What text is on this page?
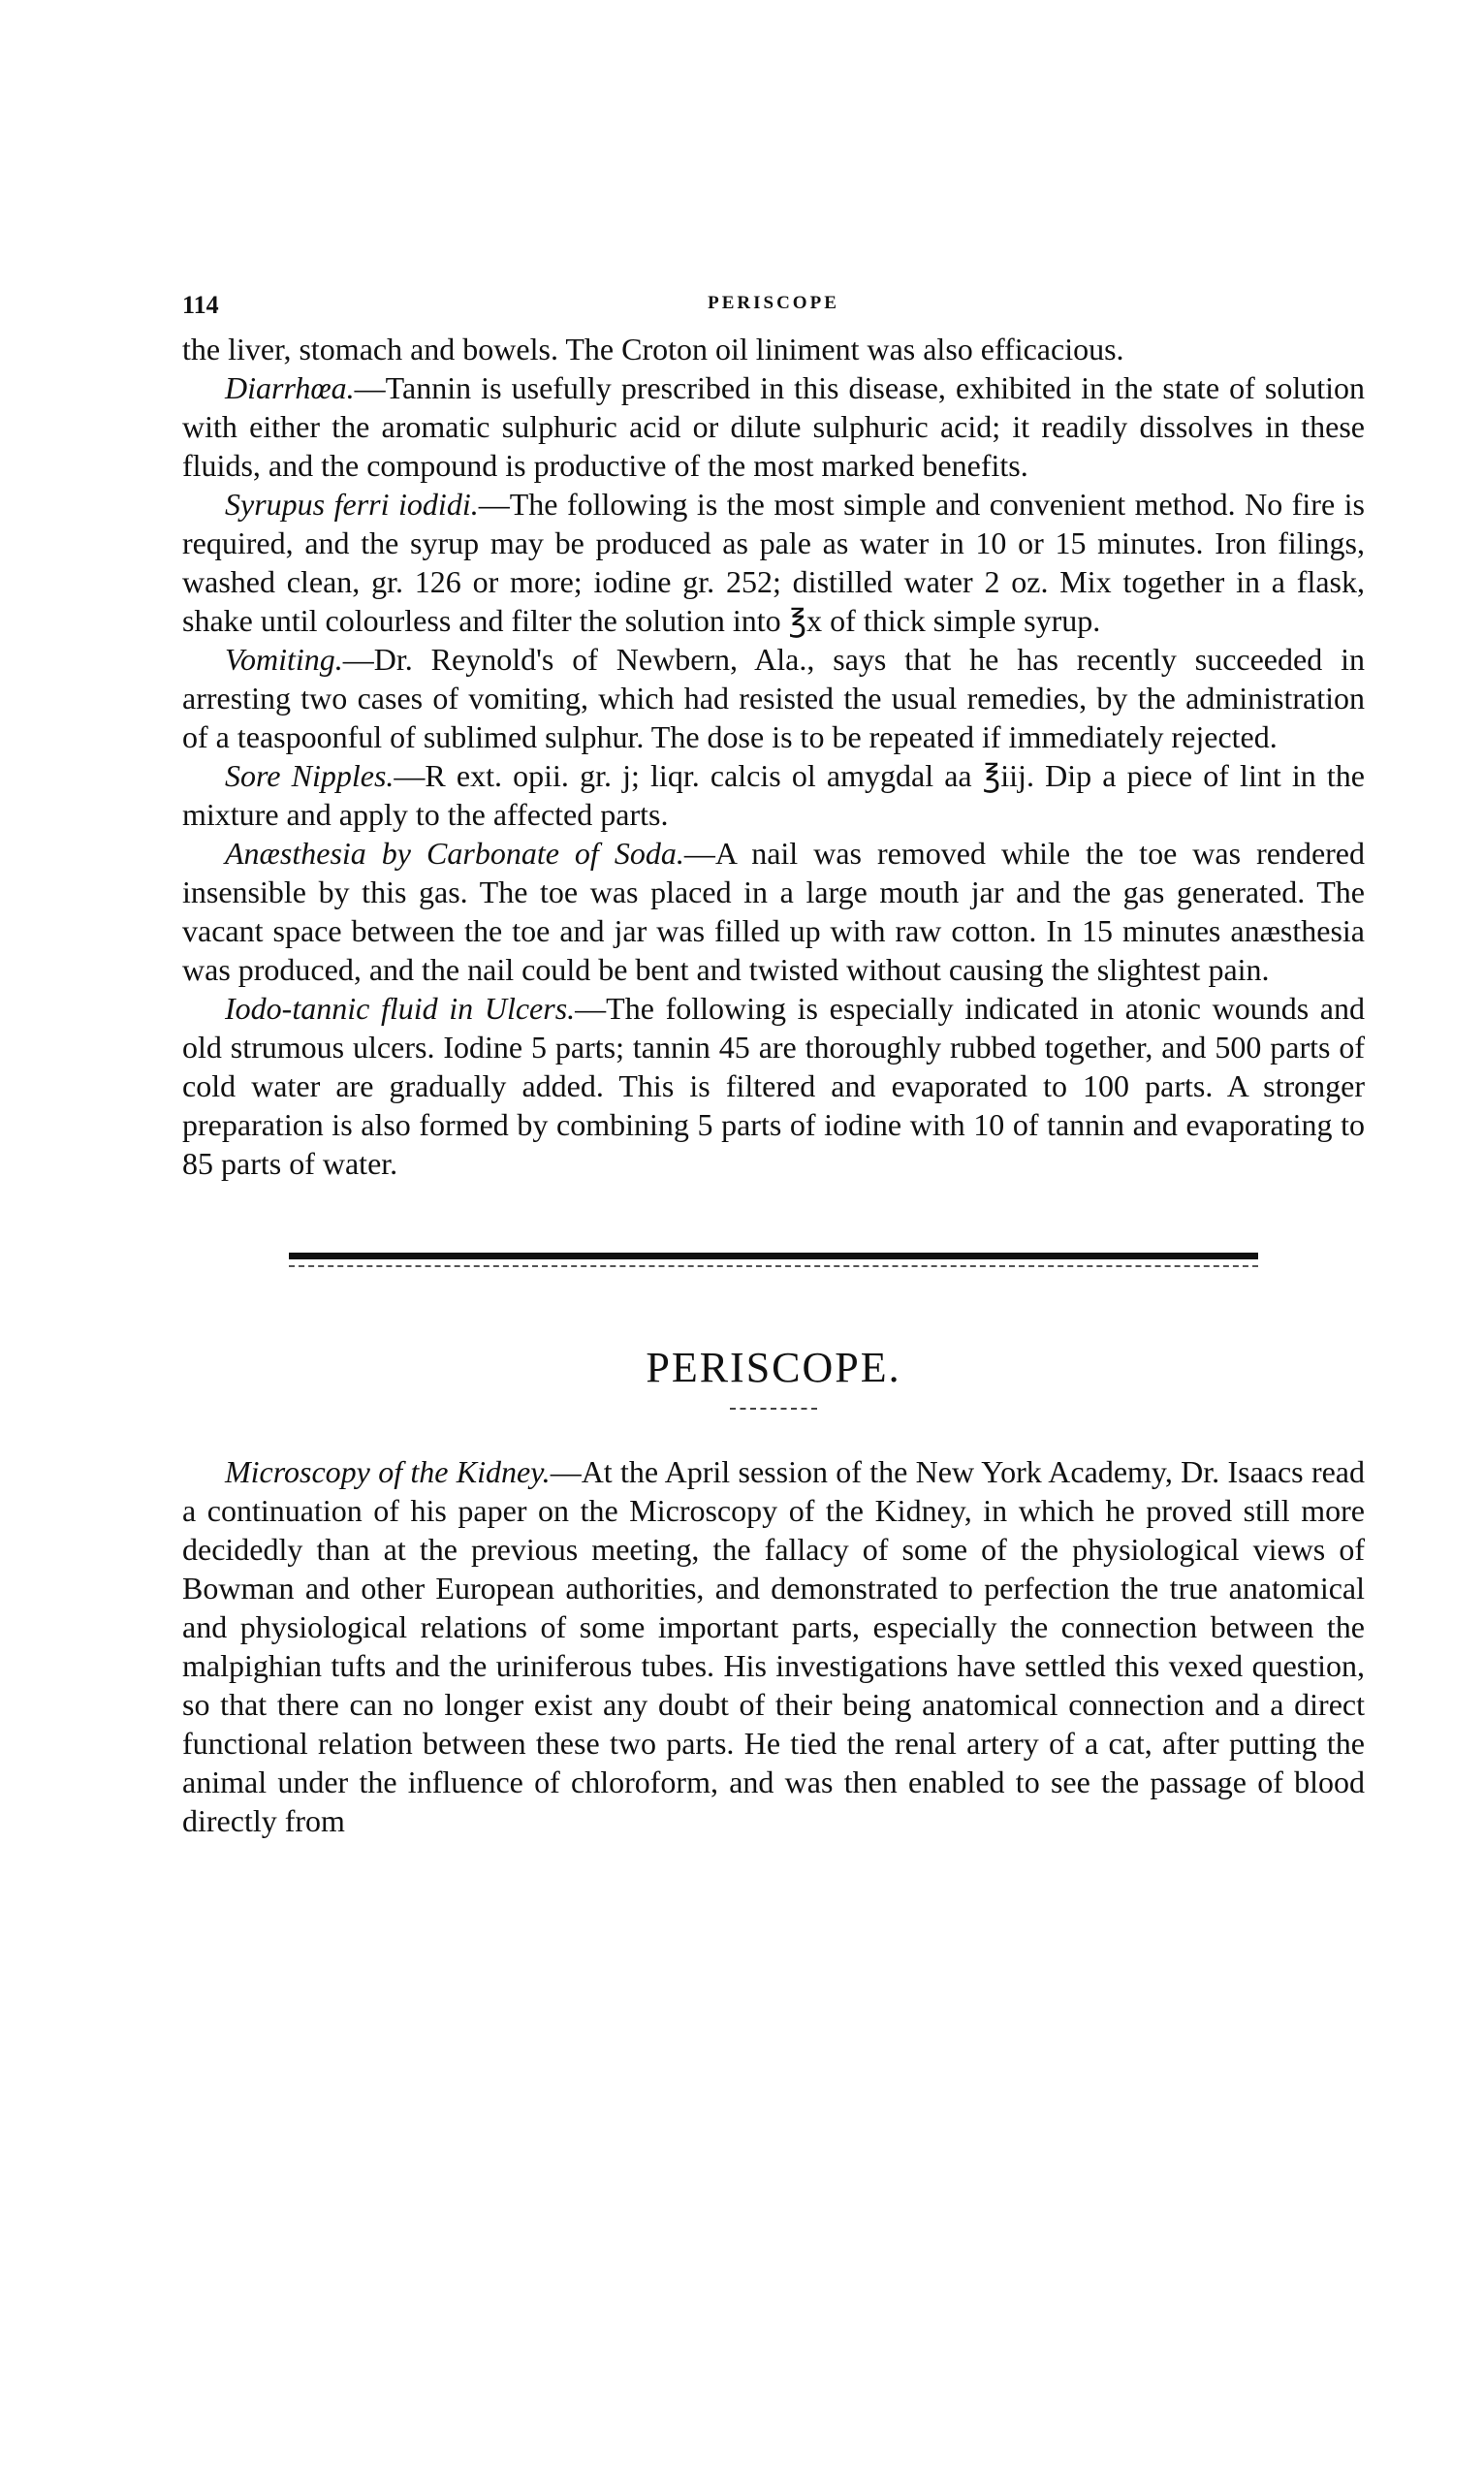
114	PERISCOPE

the liver, stomach and bowels. The Croton oil liniment was also efficacious.

Diarrhœa.—Tannin is usefully prescribed in this disease, exhibited in the state of solution with either the aromatic sulphuric acid or dilute sulphuric acid; it readily dissolves in these fluids, and the compound is productive of the most marked benefits.

Syrupus ferri iodidi.—The following is the most simple and convenient method. No fire is required, and the syrup may be produced as pale as water in 10 or 15 minutes. Iron filings, washed clean, gr. 126 or more; iodine gr. 252; distilled water 2 oz. Mix together in a flask, shake until colourless and filter the solution into ℥x of thick simple syrup.

Vomiting.—Dr. Reynold's of Newbern, Ala., says that he has recently succeeded in arresting two cases of vomiting, which had resisted the usual remedies, by the administration of a teaspoonful of sublimed sulphur. The dose is to be repeated if immediately rejected.

Sore Nipples.—R ext. opii. gr. j; liqr. calcis ol amygdal aa ℥iij. Dip a piece of lint in the mixture and apply to the affected parts.

Anæsthesia by Carbonate of Soda.—A nail was removed while the toe was rendered insensible by this gas. The toe was placed in a large mouth jar and the gas generated. The vacant space between the toe and jar was filled up with raw cotton. In 15 minutes anæsthesia was produced, and the nail could be bent and twisted without causing the slightest pain.

Iodo-tannic fluid in Ulcers.—The following is especially indicated in atonic wounds and old strumous ulcers. Iodine 5 parts; tannin 45 are thoroughly rubbed together, and 500 parts of cold water are gradually added. This is filtered and evaporated to 100 parts. A stronger preparation is also formed by combining 5 parts of iodine with 10 of tannin and evaporating to 85 parts of water.

PERISCOPE.

Microscopy of the Kidney.—At the April session of the New York Academy, Dr. Isaacs read a continuation of his paper on the Microscopy of the Kidney, in which he proved still more decidedly than at the previous meeting, the fallacy of some of the physiological views of Bowman and other European authorities, and demonstrated to perfection the true anatomical and physiological relations of some important parts, especially the connection between the malpighian tufts and the uriniferous tubes. His investigations have settled this vexed question, so that there can no longer exist any doubt of their being anatomical connection and a direct functional relation between these two parts. He tied the renal artery of a cat, after putting the animal under the influence of chloroform, and was then enabled to see the passage of blood directly from
